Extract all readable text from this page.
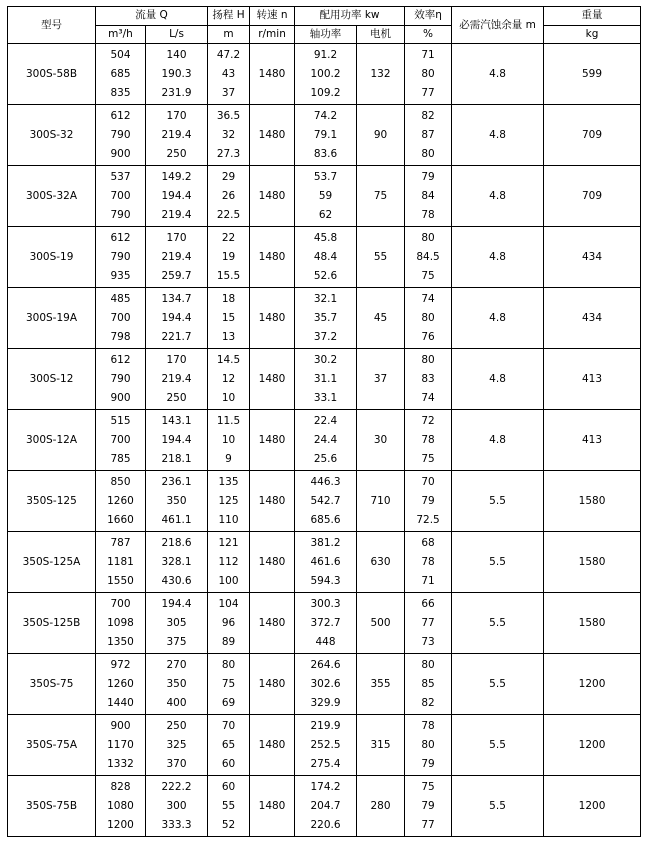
型号	流量 Q		扬程 H	转速 n	配用功率 kw		效率η	必需汽蚀余量 m	重量
	m³/h	L/s	m	r/min	轴功率	电机	%		kg
300S-58B	504
685
835	140
190.3
231.9	47.2
43
37	1480	91.2
100.2
109.2	132	71
80
77	4.8	599
300S-32	612
790
900	170
219.4
250	36.5
32
27.3	1480	74.2
79.1
83.6	90	82
87
80	4.8	709
300S-32A	537
700
790	149.2
194.4
219.4	29
26
22.5	1480	53.7
59
62	75	79
84
78	4.8	709
300S-19	612
790
935	170
219.4
259.7	22
19
15.5	1480	45.8
48.4
52.6	55	80
84.5
75	4.8	434
300S-19A	485
700
798	134.7
194.4
221.7	18
15
13	1480	32.1
35.7
37.2	45	74
80
76	4.8	434
300S-12	612
790
900	170
219.4
250	14.5
12
10	1480	30.2
31.1
33.1	37	80
83
74	4.8	413
300S-12A	515
700
785	143.1
194.4
218.1	11.5
10
9	1480	22.4
24.4
25.6	30	72
78
75	4.8	413
350S-125	850
1260
1660	236.1
350
461.1	135
125
110	1480	446.3
542.7
685.6	710	70
79
72.5	5.5	1580
350S-125A	787
1181
1550	218.6
328.1
430.6	121
112
100	1480	381.2
461.6
594.3	630	68
78
71	5.5	1580
350S-125B	700
1098
1350	194.4
305
375	104
96
89	1480	300.3
372.7
448	500	66
77
73	5.5	1580
350S-75	972
1260
1440	270
350
400	80
75
69	1480	264.6
302.6
329.9	355	80
85
82	5.5	1200
350S-75A	900
1170
1332	250
325
370	70
65
60	1480	219.9
252.5
275.4	315	78
80
79	5.5	1200
350S-75B	828
1080
1200	222.2
300
333.3	60
55
52	1480	174.2
204.7
220.6	280	75
79
77	5.5	1200
